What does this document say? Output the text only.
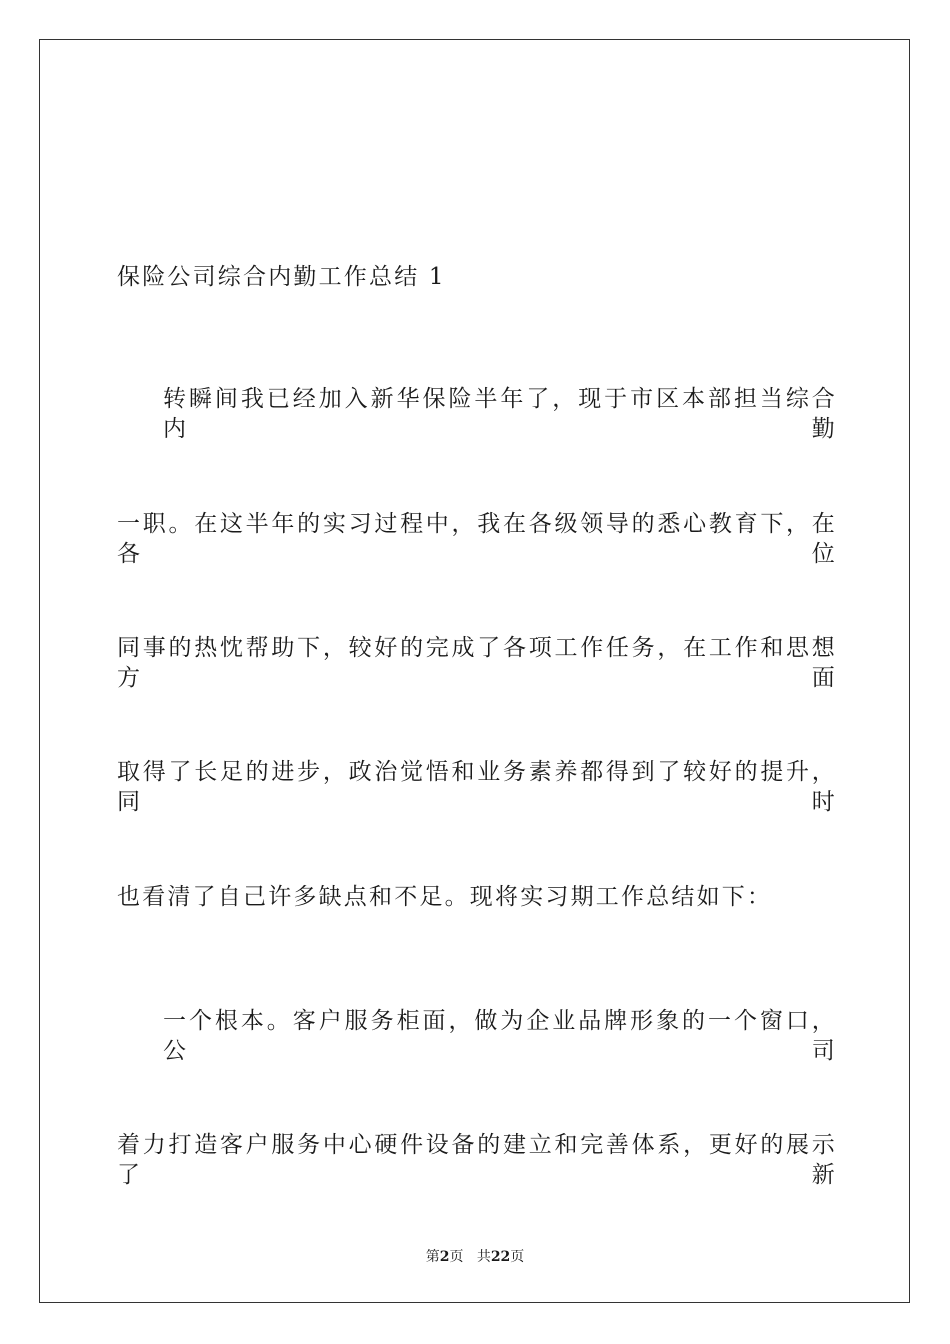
保险公司综合内勤工作总结 1
转瞬间我已经加入新华保险半年了，现于市区本部担当综合内勤
一职。在这半年的实习过程中，我在各级领导的悉心教育下，在各位
同事的热忱帮助下，较好的完成了各项工作任务，在工作和思想方面
取得了长足的进步，政治觉悟和业务素养都得到了较好的提升，同时
也看清了自己许多缺点和不足。现将实习期工作总结如下：
一个根本。客户服务柜面，做为企业品牌形象的一个窗口，公司
着力打造客户服务中心硬件设备的建立和完善体系，更好的展示了新
第2页 共22页
